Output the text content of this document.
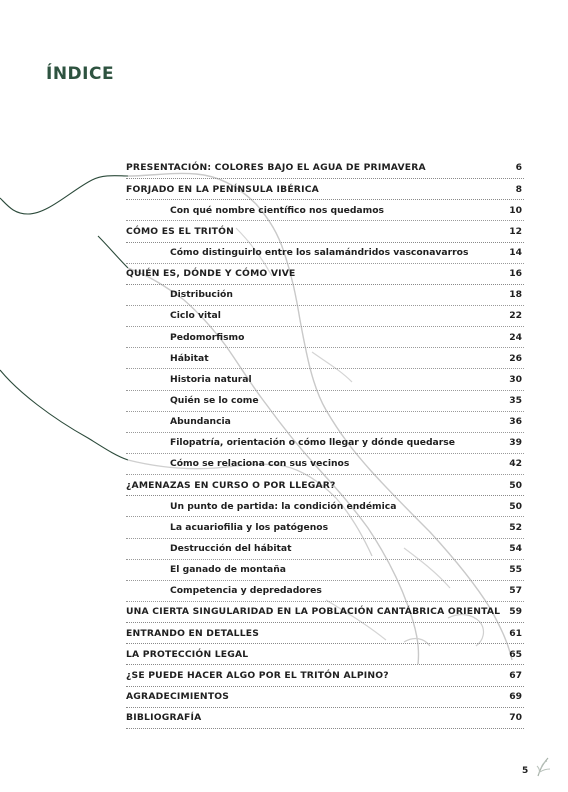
ÍNDICE
PRESENTACIÓN: COLORES BAJO EL AGUA DE PRIMAVERA	6
FORJADO EN LA PENÍNSULA IBÉRICA	8
Con qué nombre científico nos quedamos	10
CÓMO ES EL TRITÓN	12
Cómo distinguirlo entre los salamándridos vasconavarros	14
QUIÉN ES, DÓNDE Y CÓMO VIVE	16
Distribución	18
Ciclo vital	22
Pedomorfismo	24
Hábitat	26
Historia natural	30
Quién se lo come	35
Abundancia	36
Filopatría, orientación o cómo llegar y dónde quedarse	39
Cómo se relaciona con sus vecinos	42
¿AMENAZAS EN CURSO O POR LLEGAR?	50
Un punto de partida: la condición endémica	50
La acuariofilia y los patógenos	52
Destrucción del hábitat	54
El ganado de montaña	55
Competencia y depredadores	57
UNA CIERTA SINGULARIDAD EN LA POBLACIÓN CANTÁBRICA ORIENTAL 59
ENTRANDO EN DETALLES	61
LA PROTECCIÓN LEGAL	65
¿SE PUEDE HACER ALGO POR EL TRITÓN ALPINO?	67
AGRADECIMIENTOS	69
BIBLIOGRAFÍA	70
5
